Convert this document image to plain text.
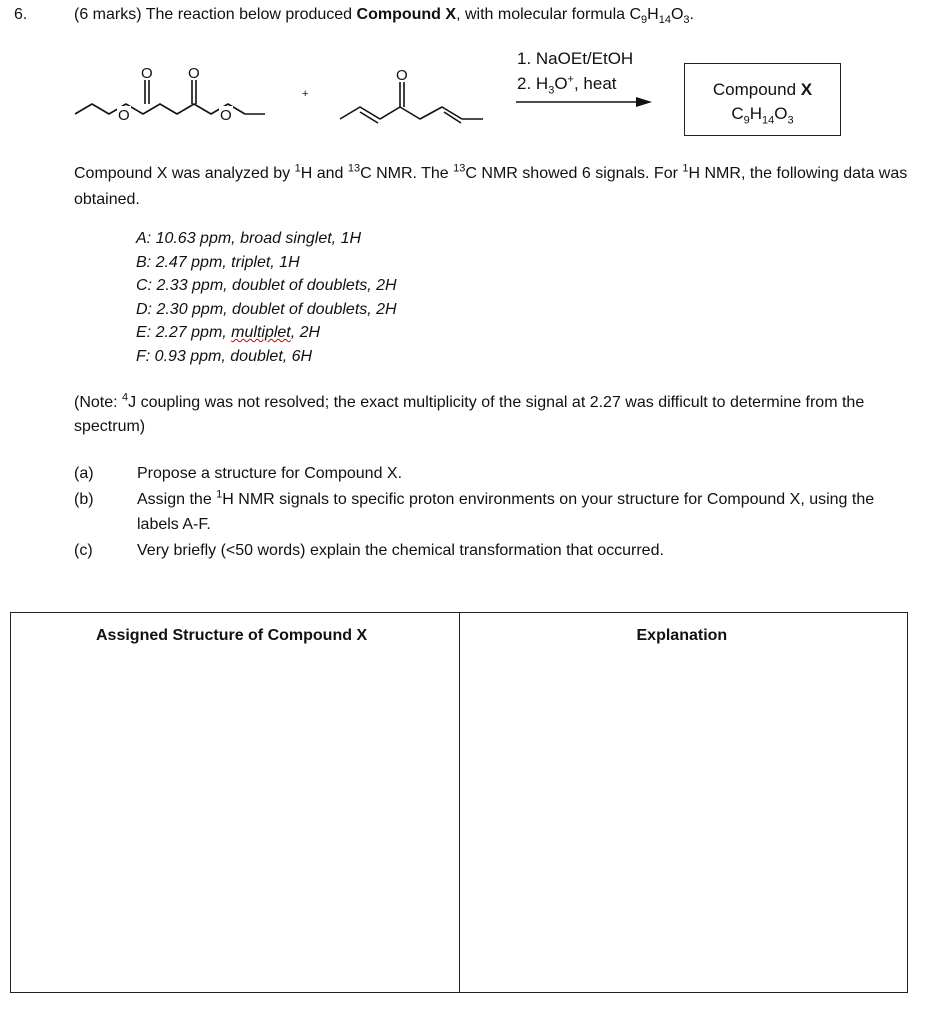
6.	(6 marks) The reaction below produced Compound X, with molecular formula $C_9H_{14}O_3$.
O
O O
O
O
+
1. NaOEt/EtOH
2. $H_3O^+$, heat	Compound X
$C_9H_{14}O_3$
Compound X was analyzed by $^1$H and $^{13}$C NMR. The $^{13}$C NMR showed 6 signals. For $^1$H NMR, the following data was obtained.
A: 10.63 ppm, broad singlet, 1H
B: 2.47 ppm, triplet, 1H
C: 2.33 ppm, doublet of doublets, 2H
D: 2.30 ppm, doublet of doublets, 2H
E: 2.27 ppm, multiplet, 2H
F: 0.93 ppm, doublet, 6H
(Note: $^4$J coupling was not resolved; the exact multiplicity of the signal at 2.27 was difficult to determine from the spectrum)
(a)	Propose a structure for Compound X.
(b)	Assign the $^1$H NMR signals to specific proton environments on your structure for Compound X, using the labels A-F.
(c)	Very briefly (<50 words) explain the chemical transformation that occurred.
Assigned Structure of Compound X	Explanation
